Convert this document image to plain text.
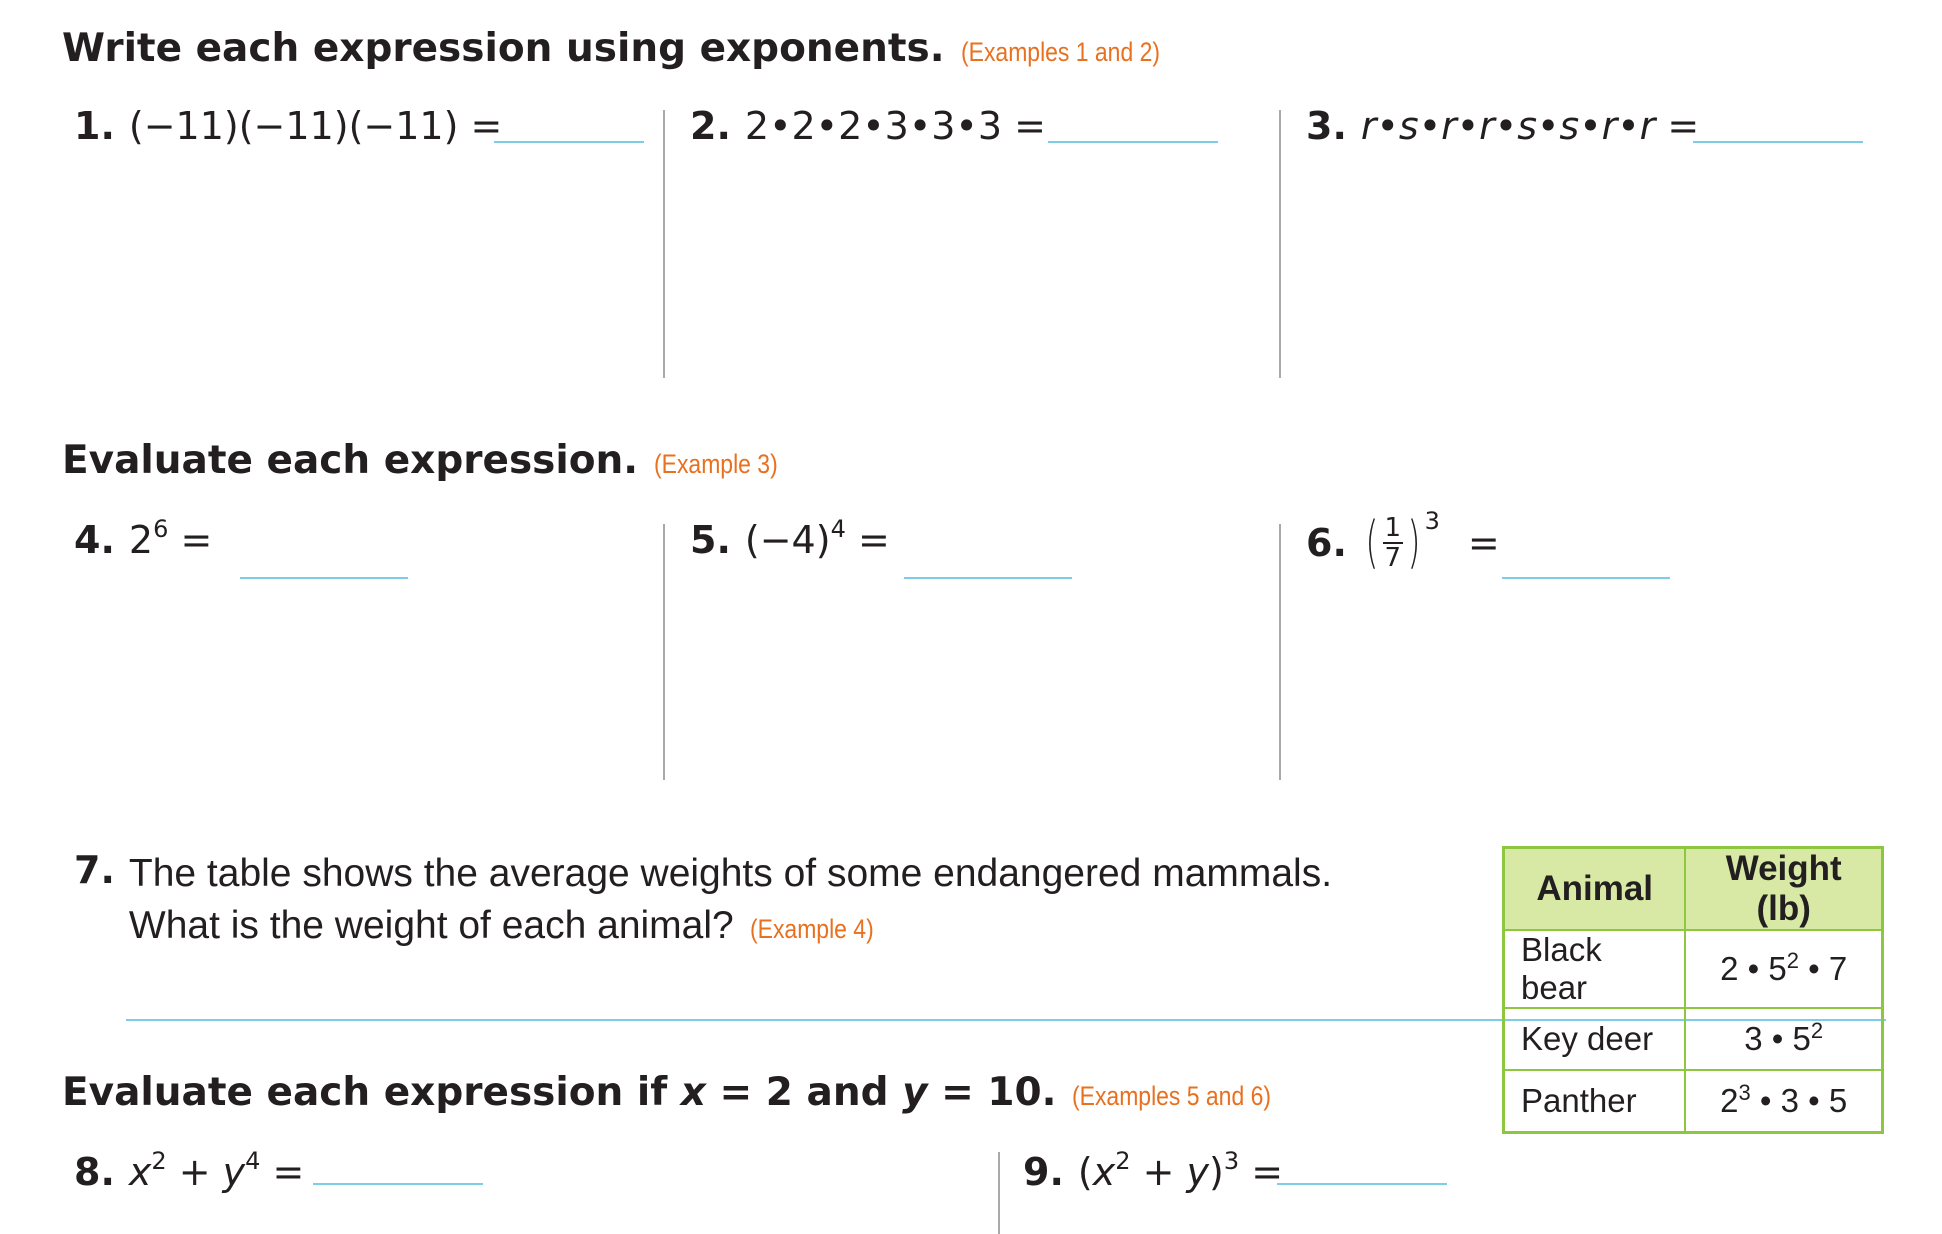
Write each expression using exponents. (Examples 1 and 2)
1. (−11)(−11)(−11) =	2. 2•2•2•3•3•3 =	3. r•s•r•r•s•s•r•r =
Evaluate each expression. (Example 3)
4. 2 6
=	5. (−4) 4
=	6. ( $\frac{1}{7}$ ) 3 =
7. The table shows the average weights of some endangered mammals.
What is the weight of each animal? (Example 4)
Animal	Weight (lb)
Black bear	2 • $5^2$ • 7
Key deer	3 • $5^2$
Panther	$2^3$ • 3 • 5
Evaluate each expression if x = 2 and y = 10. (Examples 5 and 6)
8. x 2 + y 4 =	9. ( x 2 + y ) 3 =
